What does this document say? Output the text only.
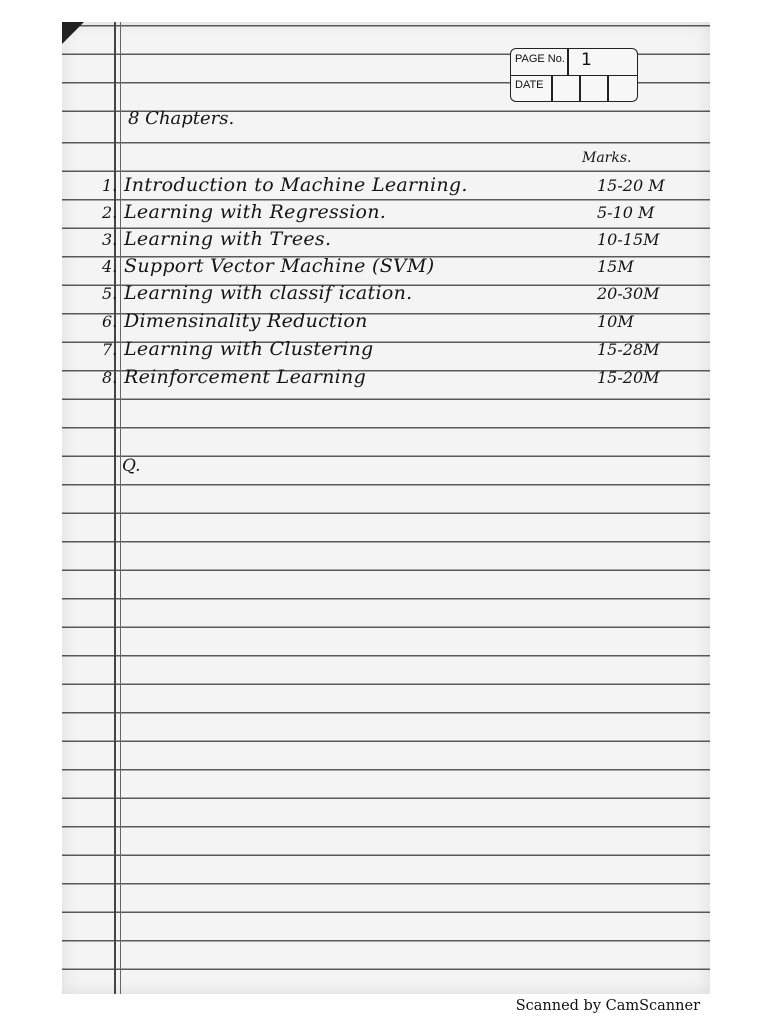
PAGE No. 1
DATE
8 Chapters.
Marks.
1. Introduction to Machine Learning.	15-20 M
2. Learning with Regression.	5-10 M
3. Learning with Trees.	10-15M
4. Support Vector Machine (SVM)	15M
5. Learning with classif ication.	20-30M
6. Dimensinality Reduction	10M
7. Learning with Clustering	15-28M
8. Reinforcement Learning	15-20M
Q.
Scanned by CamScanner
